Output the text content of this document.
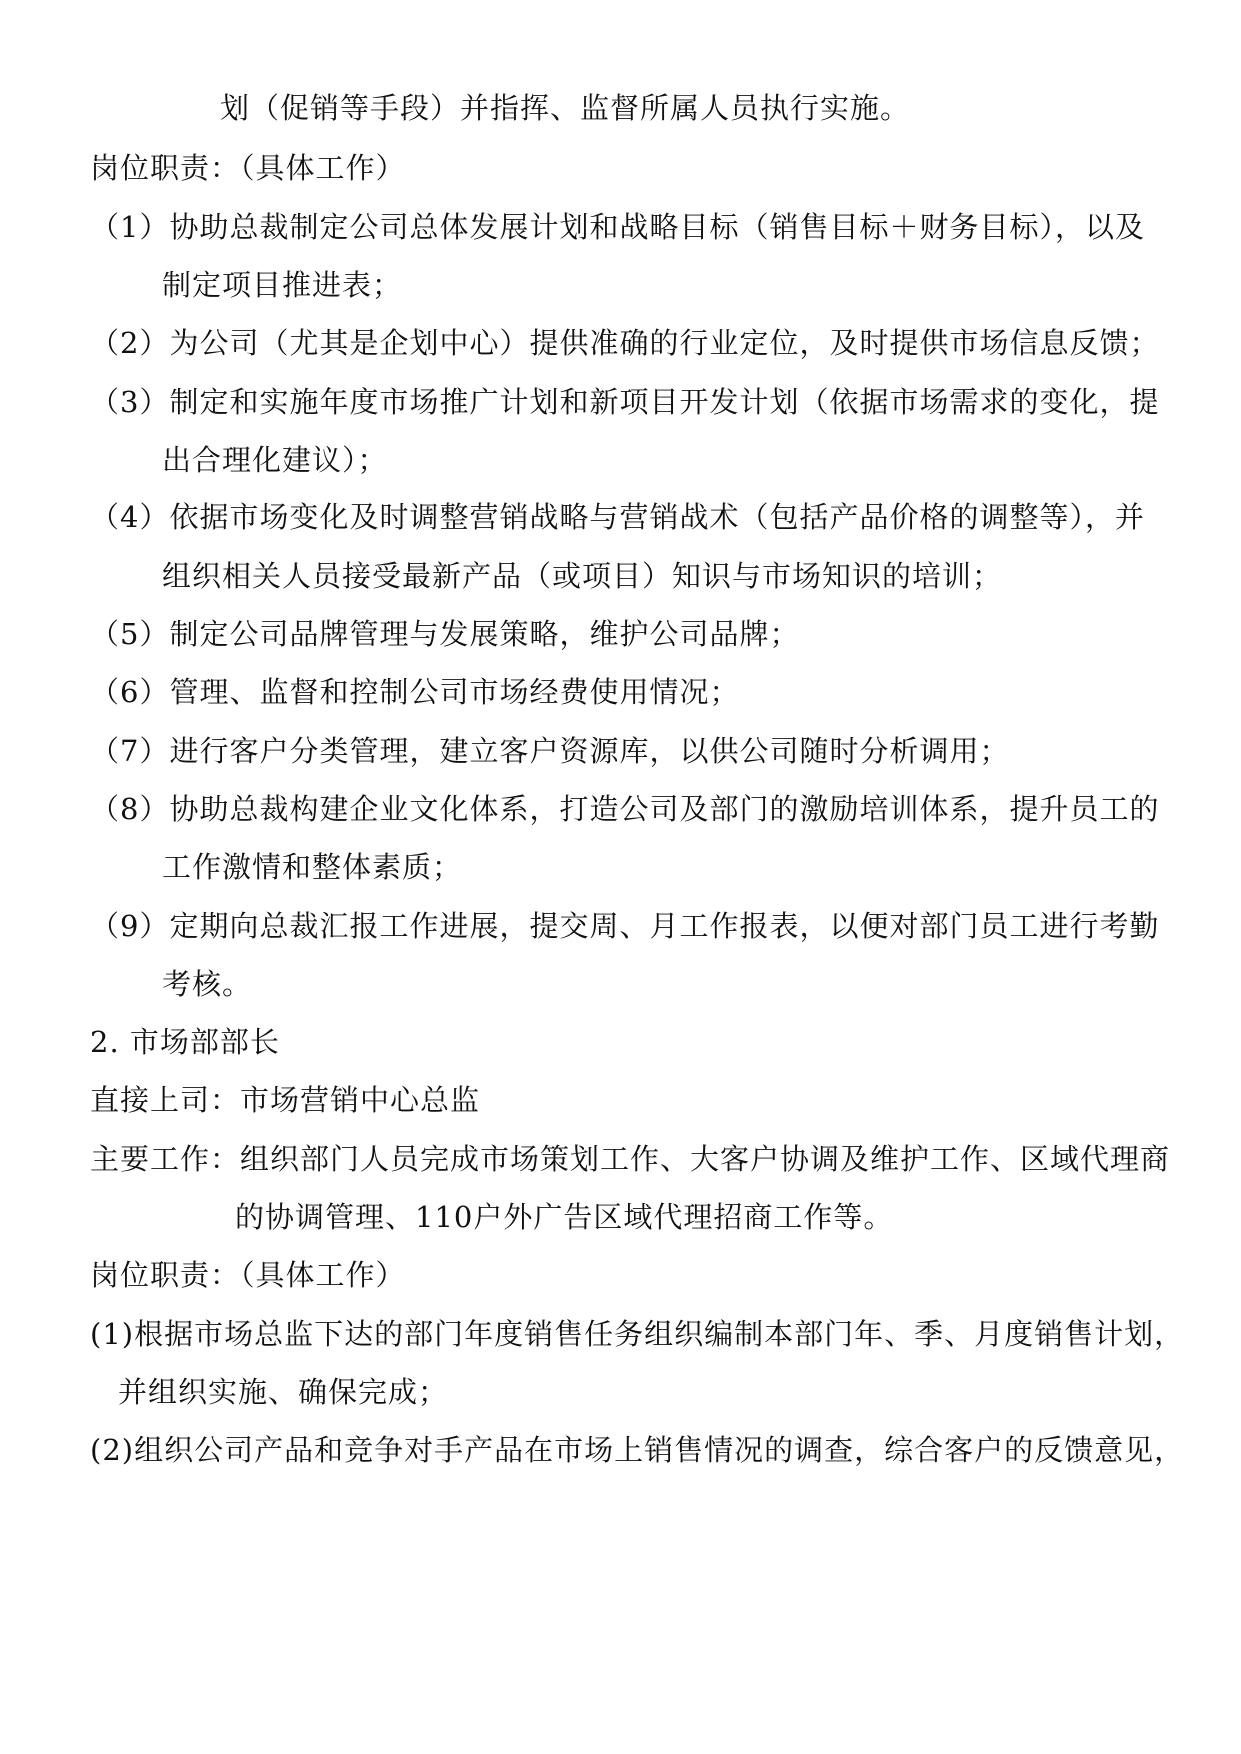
划（促销等手段）并指挥、监督所属人员执行实施。
岗位职责：（具体工作）
（1）协助总裁制定公司总体发展计划和战略目标（销售目标＋财务目标），以及
制定项目推进表；
（2）为公司（尤其是企划中心）提供准确的行业定位，及时提供市场信息反馈；
（3）制定和实施年度市场推广计划和新项目开发计划（依据市场需求的变化，提
出合理化建议）；
（4）依据市场变化及时调整营销战略与营销战术（包括产品价格的调整等），并
组织相关人员接受最新产品（或项目）知识与市场知识的培训；
（5）制定公司品牌管理与发展策略，维护公司品牌；
（6）管理、监督和控制公司市场经费使用情况；
（7）进行客户分类管理，建立客户资源库，以供公司随时分析调用；
（8）协助总裁构建企业文化体系，打造公司及部门的激励培训体系，提升员工的
工作激情和整体素质；
（9）定期向总裁汇报工作进展，提交周、月工作报表，以便对部门员工进行考勤
考核。
2. 市场部部长
直接上司：市场营销中心总监
主要工作：组织部门人员完成市场策划工作、大客户协调及维护工作、区域代理商
的协调管理、110户外广告区域代理招商工作等。
岗位职责：（具体工作）
(1)根据市场总监下达的部门年度销售任务组织编制本部门年、季、月度销售计划，
并组织实施、确保完成；
(2)组织公司产品和竞争对手产品在市场上销售情况的调查，综合客户的反馈意见，
